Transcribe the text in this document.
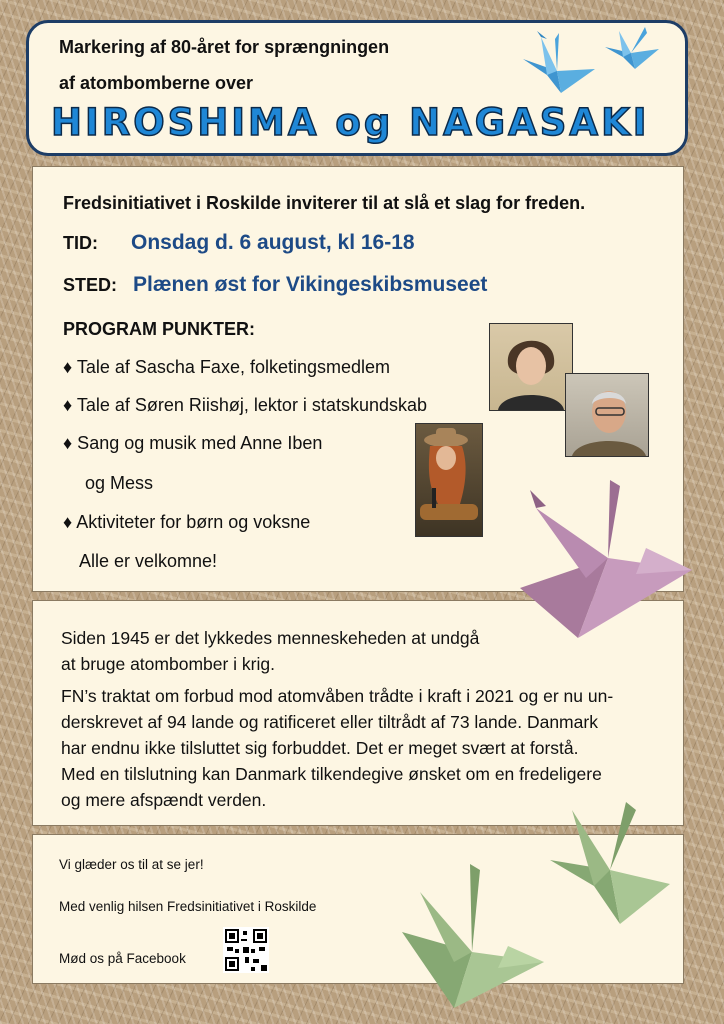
Markering af 80-året for sprængningen
af atombomberne over
HIROSHIMA og NAGASAKI
Fredsinitiativet i Roskilde inviterer til at slå et slag for freden.
TID: Onsdag d. 6 august, kl 16-18
STED: Plænen øst for Vikingeskibsmuseet
PROGRAM PUNKTER:
♦ Tale af Sascha Faxe, folketingsmedlem
♦ Tale af Søren Riishøj, lektor i statskundskab
♦ Sang og musik med Anne Iben
og Mess
♦ Aktiviteter for børn og voksne
Alle er velkomne!

Siden 1945 er det lykkedes menneskeheden at undgå

at bruge atombomber i krig.

FN’s traktat om forbud mod atomvåben trådte i kraft i 2021 og er nu un-

derskrevet af 94 lande og ratificeret eller tiltrådt af 73 lande. Danmark

har endnu ikke tilsluttet sig forbuddet. Det er meget svært at forstå.

Med en tilslutning kan Danmark tilkendegive ønsket om en fredeligere

og mere afspændt verden.

Vi glæder os til at se jer!
Med venlig hilsen Fredsinitiativet i Roskilde
Mød os på Facebook
